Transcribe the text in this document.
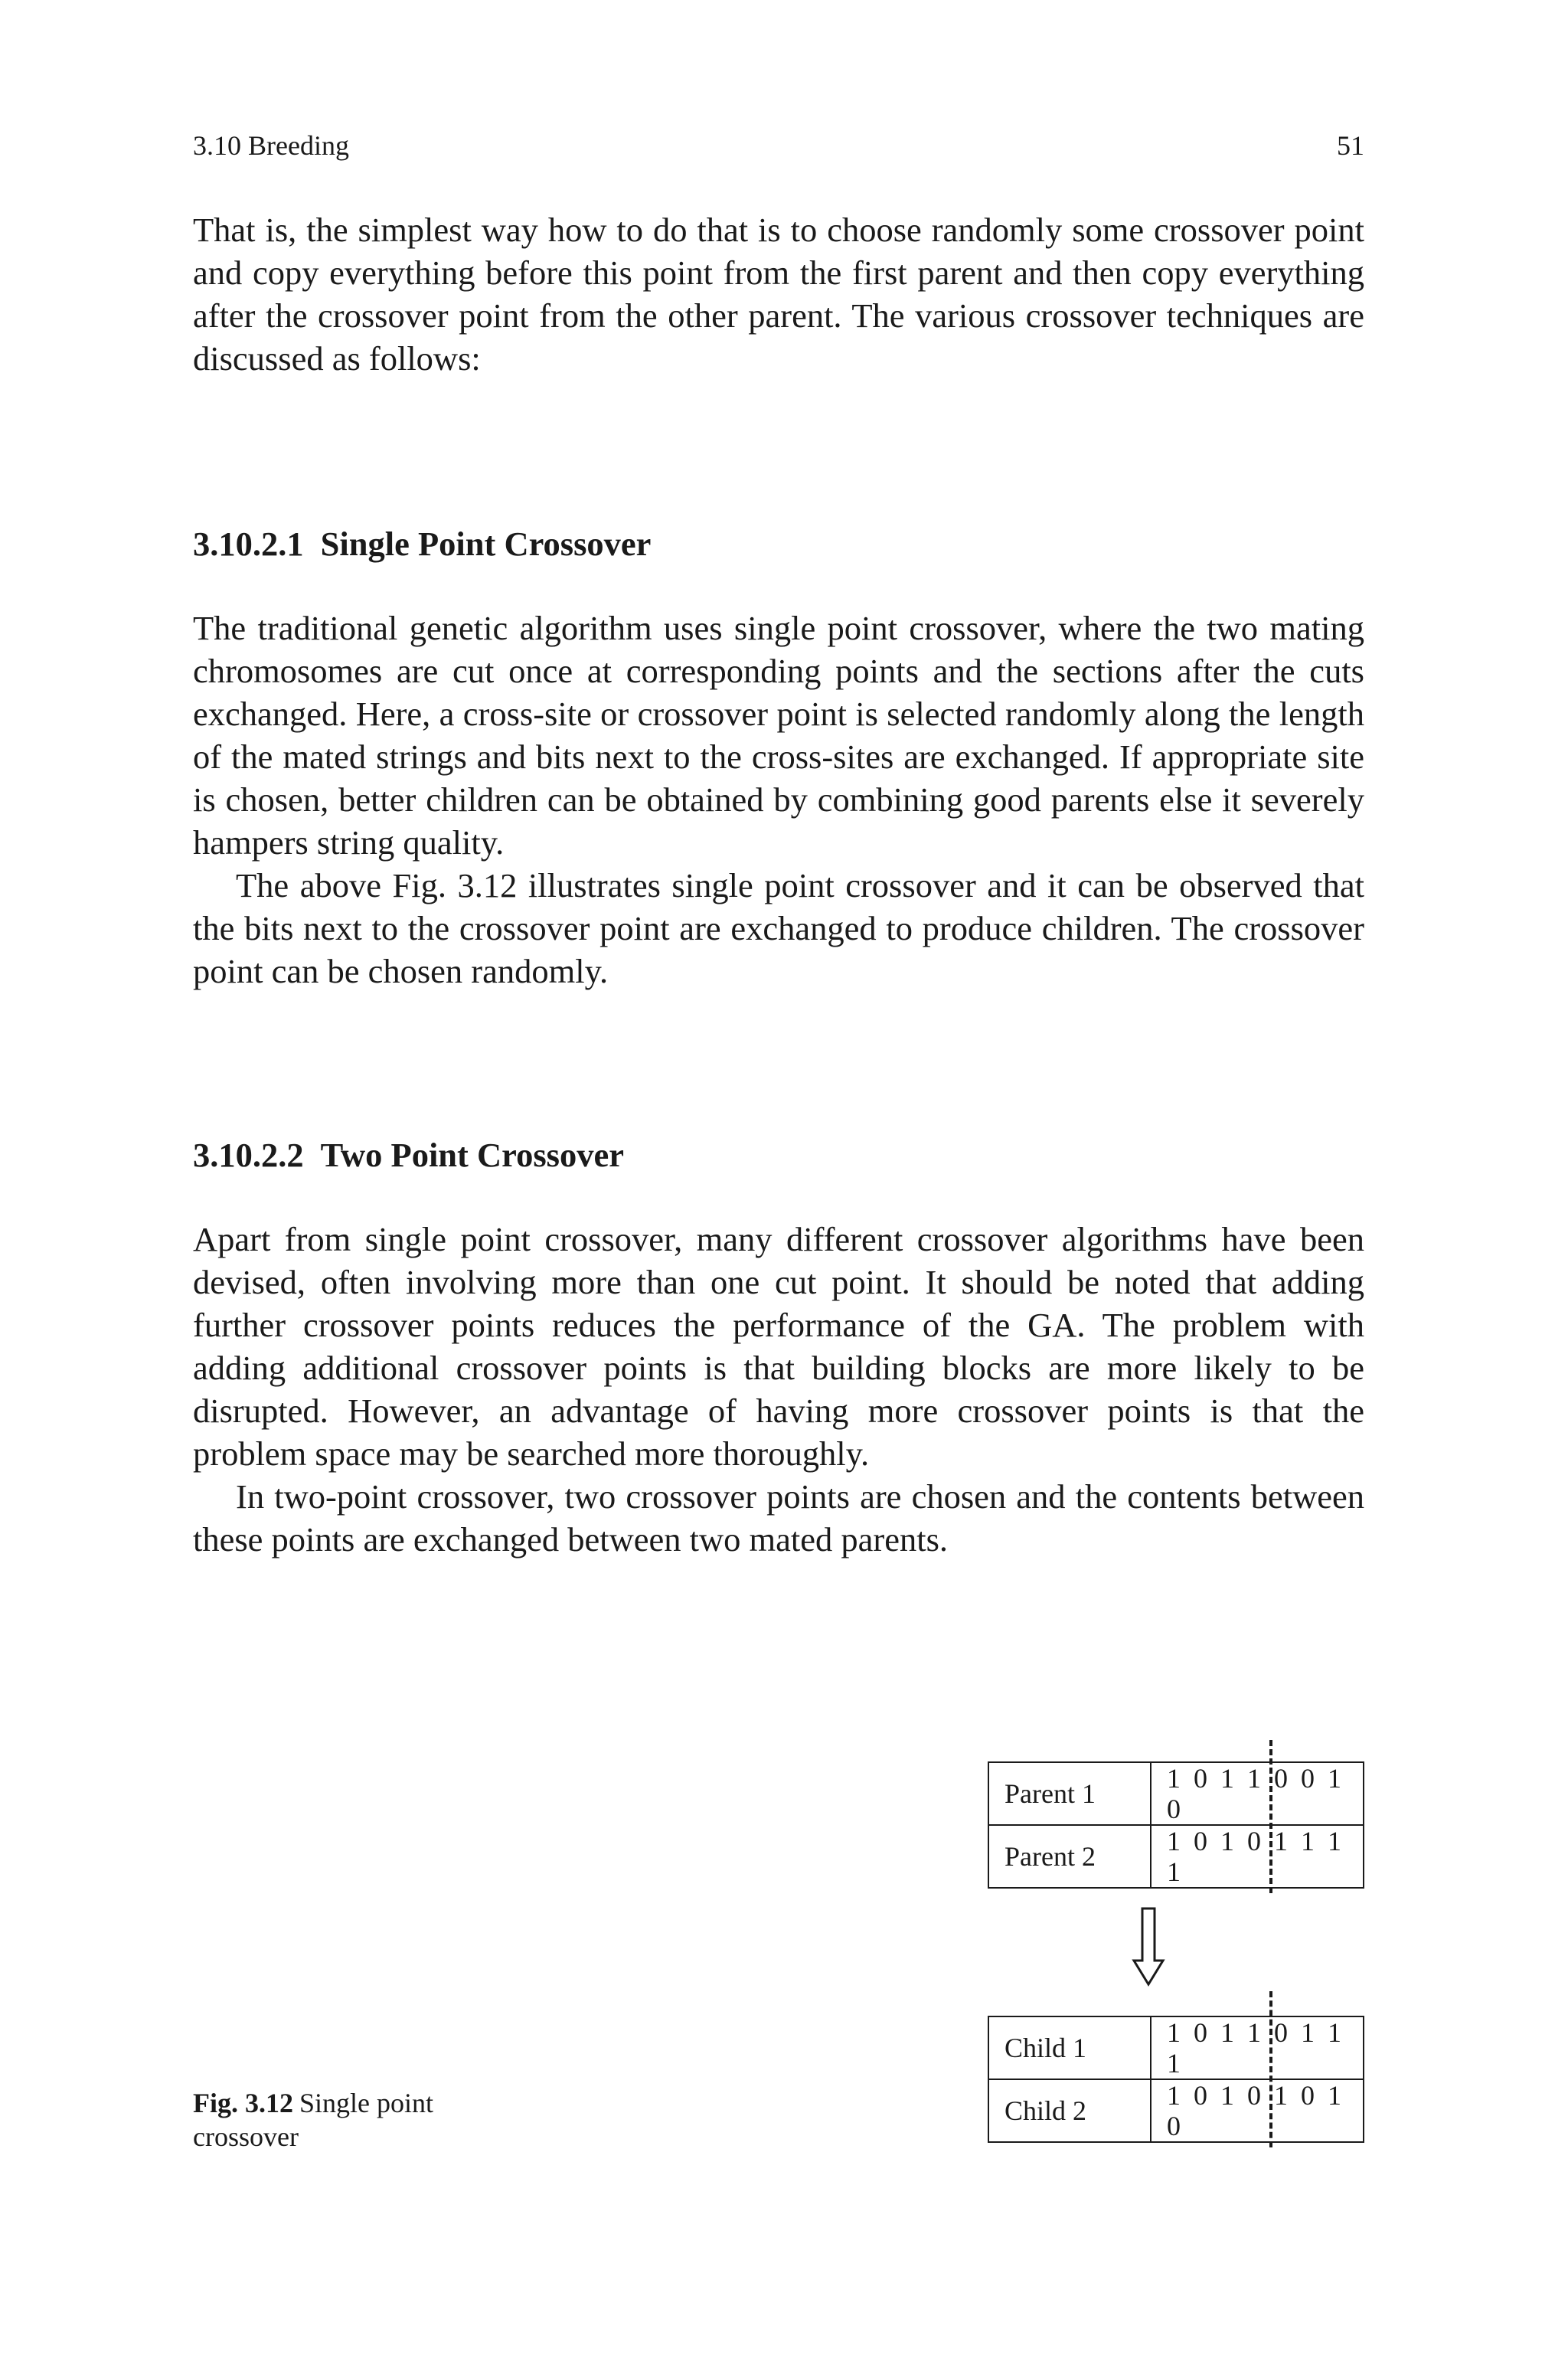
3.10 Breeding	51

That is, the simplest way how to do that is to choose randomly some crossover point and copy everything before this point from the first parent and then copy everything after the crossover point from the other parent. The various crossover techniques are discussed as follows:

3.10.2.1 Single Point Crossover

The traditional genetic algorithm uses single point crossover, where the two mating chromosomes are cut once at corresponding points and the sections after the cuts exchanged. Here, a cross-site or crossover point is selected randomly along the length of the mated strings and bits next to the cross-sites are exchanged. If appropriate site is chosen, better children can be obtained by combining good parents else it severely hampers string quality.

The above Fig. 3.12 illustrates single point crossover and it can be observed that the bits next to the crossover point are exchanged to produce children. The crossover point can be chosen randomly.

3.10.2.2 Two Point Crossover

Apart from single point crossover, many different crossover algorithms have been devised, often involving more than one cut point. It should be noted that adding further crossover points reduces the performance of the GA. The problem with adding additional crossover points is that building blocks are more likely to be disrupted. However, an advantage of having more crossover points is that the problem space may be searched more thoroughly.

In two-point crossover, two crossover points are chosen and the contents between these points are exchanged between two mated parents.

Parent 1	1 0 1 1 0 0 1 0
Parent 2	1 0 1 0 1 1 1 1
Child 1	1 0 1 1 0 1 1 1
Child 2	1 0 1 0 1 0 1 0
Fig. 3.12 Single point crossover
